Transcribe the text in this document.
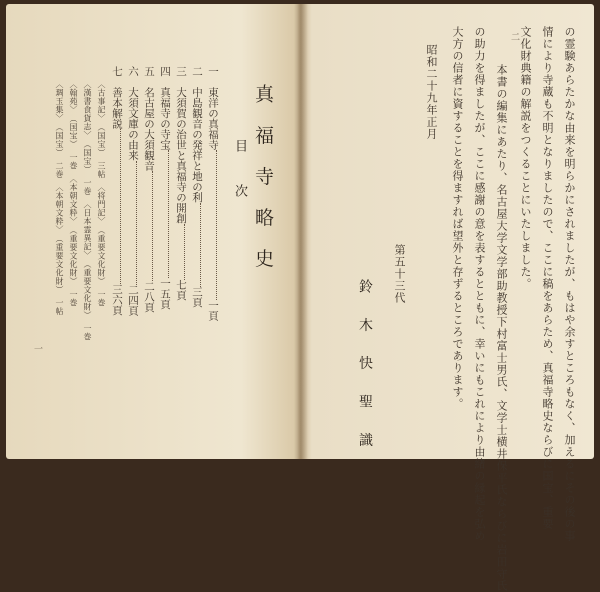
二	の霊験あらたかな由来を明らかにされましたが、もはや余すところもなく、加えるにその後の事
情により寺蔵も不明となりましたので、ここに稿をあらため、真福寺略史ならびに国宝、重要
文化財典籍の解説をつくることにいたしました。
本書の編集にあたり、名古屋大学文学部助教授下村富士男氏、文学士横井保平氏ならびに岩田守氏
の助力を得ましたが、ここに感謝の意を表するとともに、幸いにもこれにより由緒の縁起を弘め
大方の信者に資することを得ますれば望外と存ずるところであります。
昭和二十九年正月
第五十三代
鈴 木 快 聖 識
真 福 寺 略 史
目 次
一　東洋の真福寺一頁
二　中島観音の発祥と地の利三頁
三　大須賀の治世と真福寺の開創七頁
四　真福寺の寺宝一五頁
五　名古屋の大須観音二八頁
六　大須文庫の由来二四頁
七　善本解説三六頁
〈古事記〉　（国宝）　三帖　〈将門記〉　（重要文化財）　一巻
〈漢書食貨志〉　（国宝）　一巻　〈日本霊異記〉　（重要文化財）　一巻
〈翰苑〉　（国宝）　一巻　〈本朝文粋〉　（重要文化財）　一巻
〈琱玉集〉　（国宝）　二巻　〈本朝文粋〉　（重要文化財）　一帖
一
